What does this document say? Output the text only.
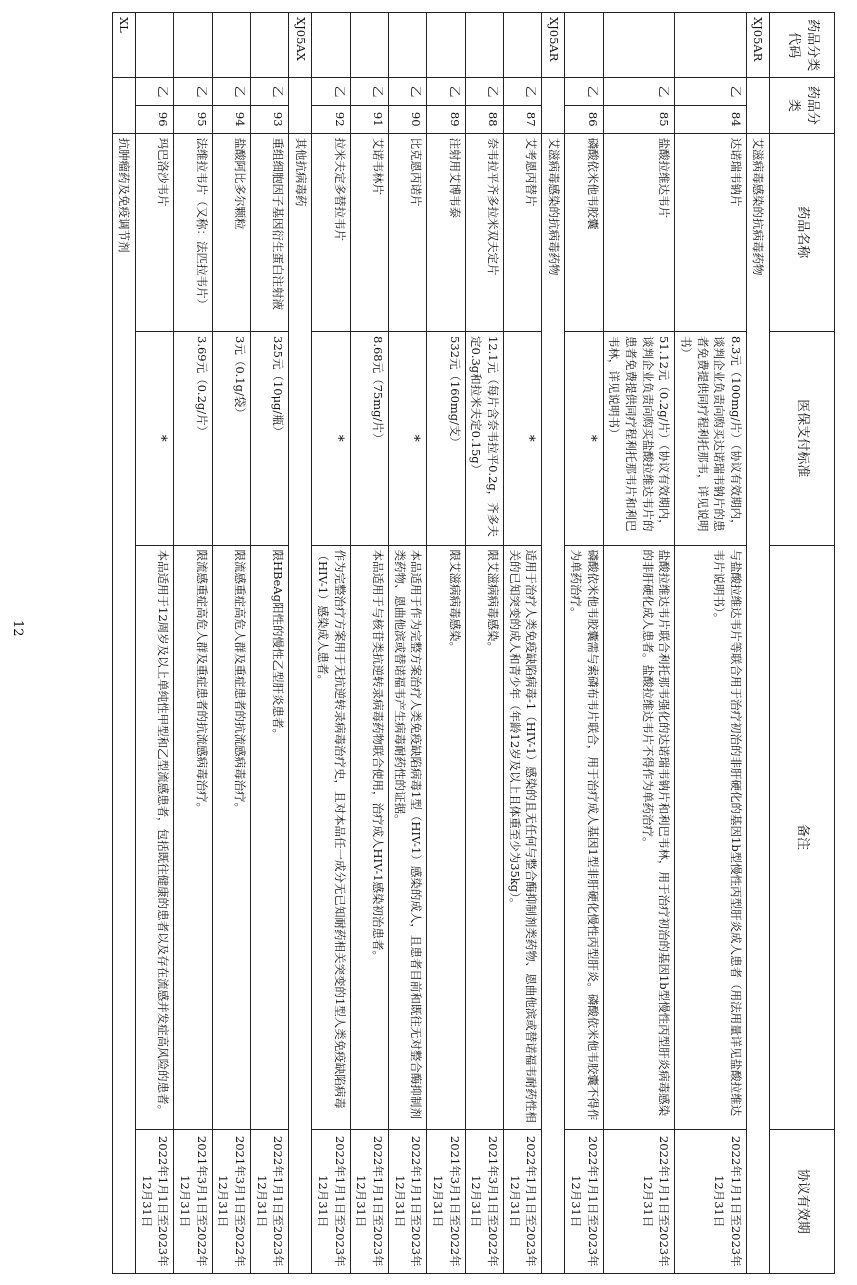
药品分类代码	药品分类		药品名称	医保支付标准	备注	协议有效期
XJ05AR			艾滋病毒感染的抗病毒药物			
	乙	84	达诺瑞韦钠片	8.3元（100mg/片）（协议有效期内，谈判企业负责向购买达诺瑞韦钠片的患者免费提供同疗程利托那韦，详见说明书）	与盐酸拉维达韦片等联合用于治疗初治的非肝硬化的基因1b型慢性丙型肝炎成人患者（用法用量详见盐酸拉维达韦片说明书）。	2022年1月1日至2023年12月31日
	乙	85	盐酸拉维达韦片	51.12元（0.2g/片）（协议有效期内，谈判企业负责向购买盐酸拉维达韦片的患者免费提供同疗程利托那韦片和利巴韦林，详见说明书）	盐酸拉维达韦片联合利托那韦强化的达诺瑞韦钠片和利巴韦林，用于治疗初治的基因1b型慢性丙型肝炎病毒感染的非肝硬化成人患者。盐酸拉维达韦片不得作为单药治疗。	2022年1月1日至2023年12月31日
	乙	86	磷酸依米他韦胶囊	*	磷酸依米他韦胶囊需与索磷布韦片联合，用于治疗成人基因1型非肝硬化慢性丙型肝炎。磷酸依米他韦胶囊不得作为单药治疗。	2022年1月1日至2023年12月31日
XJ05AR			艾滋病毒感染的抗病毒药物			
	乙	87	艾考恩丙替片	*	适用于治疗人类免疫缺陷病毒-1（HIV-1）感染的且无任何与整合酶抑制剂类药物、恩曲他滨或替诺福韦耐药性相关的已知突变的成人和青少年（年龄12岁及以上且体重至少为35kg）。	2022年1月1日至2023年12月31日
	乙	88	奈韦拉平齐多拉米双夫定片	12.1元（每片含奈韦拉平0.2g，齐多夫定0.3g和拉米夫定0.15g）	限艾滋病病毒感染。	2021年3月1日至2022年12月31日
	乙	89	注射用艾博韦泰	532元（160mg/支）	限艾滋病病毒感染。	2021年3月1日至2022年12月31日
	乙	90	比克恩丙诺片	*	本品适用于作为完整方案治疗人类免疫缺陷病毒1型（HIV-1）感染的成人，且患者目前和既往无对整合酶抑制剂类药物、恩曲他滨或替诺福韦产生病毒耐药性的证据。	2022年1月1日至2023年12月31日
	乙	91	艾诺韦林片	8.68元（75mg/片）	本品适用于与核苷类抗逆转录病毒药物联合使用，治疗成人HIV-1感染初治患者。	2022年1月1日至2023年12月31日
	乙	92	拉米夫定多替拉韦片	*	作为完整治疗方案用于无抗逆转录病毒治疗史，且对本品任一成分无已知耐药相关突变的1型人类免疫缺陷病毒（HIV-1）感染成人患者。	2022年1月1日至2023年12月31日
XJ05AX			其他抗病毒药			
	乙	93	重组细胞因子基因衍生蛋白注射液	325元（10μg/瓶）	限HBeAg阳性的慢性乙型肝炎患者。	2022年1月1日至2023年12月31日
	乙	94	盐酸阿比多尔颗粒	3元（0.1g/袋）	限流感重症高危人群及重症患者的抗流感病毒治疗。	2021年3月1日至2022年12月31日
	乙	95	法维拉韦片（又称：法匹拉韦片）	3.69元（0.2g/片）	限流感重症高危人群及重症患者的抗流感病毒治疗。	2021年3月1日至2022年12月31日
	乙	96	玛巴洛沙韦片	*	本品适用于12周岁及以上单纯性甲型和乙型流感患者，包括既往健康的患者以及存在流感并发症高风险的患者。	2022年1月1日至2023年12月31日
XL			抗肿瘤药及免疫调节剂			
12
